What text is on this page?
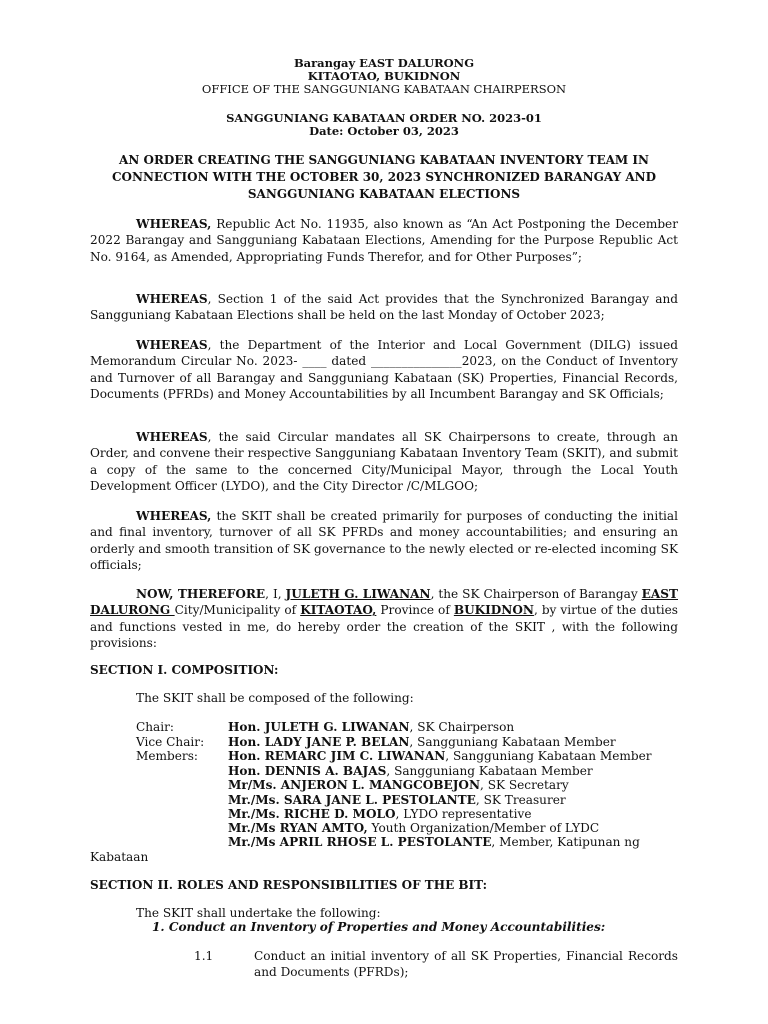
Barangay EAST DALURONG
KITAOTAO, BUKIDNON
OFFICE OF THE SANGGUNIANG KABATAAN CHAIRPERSON
SANGGUNIANG KABATAAN ORDER NO. 2023-01
Date: October 03, 2023
AN ORDER CREATING THE SANGGUNIANG KABATAAN INVENTORY TEAM IN CONNECTION WITH THE OCTOBER 30, 2023 SYNCHRONIZED BARANGAY AND SANGGUNIANG KABATAAN ELECTIONS
WHEREAS, Republic Act No. 11935, also known as “An Act Postponing the December 2022 Barangay and Sangguniang Kabataan Elections, Amending for the Purpose Republic Act No. 9164, as Amended, Appropriating Funds Therefor, and for Other Purposes”;
WHEREAS, Section 1 of the said Act provides that the Synchronized Barangay and Sangguniang Kabataan Elections shall be held on the last Monday of October 2023;
WHEREAS, the Department of the Interior and Local Government (DILG) issued Memorandum Circular No. 2023- ____ dated _______________2023, on the Conduct of Inventory and Turnover of all Barangay and Sangguniang Kabataan (SK) Properties, Financial Records, Documents (PFRDs) and Money Accountabilities by all Incumbent Barangay and SK Officials;
WHEREAS, the said Circular mandates all SK Chairpersons to create, through an Order, and convene their respective Sangguniang Kabataan Inventory Team (SKIT), and submit a copy of the same to the concerned City/Municipal Mayor, through the Local Youth Development Officer (LYDO), and the City Director /C/MLGOO;
WHEREAS, the SKIT shall be created primarily for purposes of conducting the initial and final inventory, turnover of all SK PFRDs and money accountabilities; and ensuring an orderly and smooth transition of SK governance to the newly elected or re-elected incoming SK officials;
NOW, THEREFORE, I, JULETH G. LIWANAN, the SK Chairperson of Barangay EAST DALURONG City/Municipality of KITAOTAO, Province of BUKIDNON, by virtue of the duties and functions vested in me, do hereby order the creation of the SKIT , with the following provisions:
SECTION I. COMPOSITION:
The SKIT shall be composed of the following:
Chair:
Vice Chair:
Members:
Hon. JULETH G. LIWANAN, SK Chairperson
Hon. LADY JANE P. BELAN, Sangguniang Kabataan Member
Hon. REMARC JIM C. LIWANAN, Sangguniang Kabataan Member
Hon. DENNIS A. BAJAS, Sangguniang Kabataan Member
Mr/Ms. ANJERON L. MANGCOBEJON, SK Secretary
Mr./Ms. SARA JANE L. PESTOLANTE, SK Treasurer
Mr./Ms. RICHE D. MOLO, LYDO representative
Mr./Ms RYAN AMTO, Youth Organization/Member of LYDC
Mr./Ms APRIL RHOSE L. PESTOLANTE, Member, Katipunan ng
Kabataan
SECTION II. ROLES AND RESPONSIBILITIES OF THE BIT:
The SKIT shall undertake the following:
1. Conduct an Inventory of Properties and Money Accountabilities:
1.1	Conduct an initial inventory of all SK Properties, Financial Records and Documents (PFRDs);
